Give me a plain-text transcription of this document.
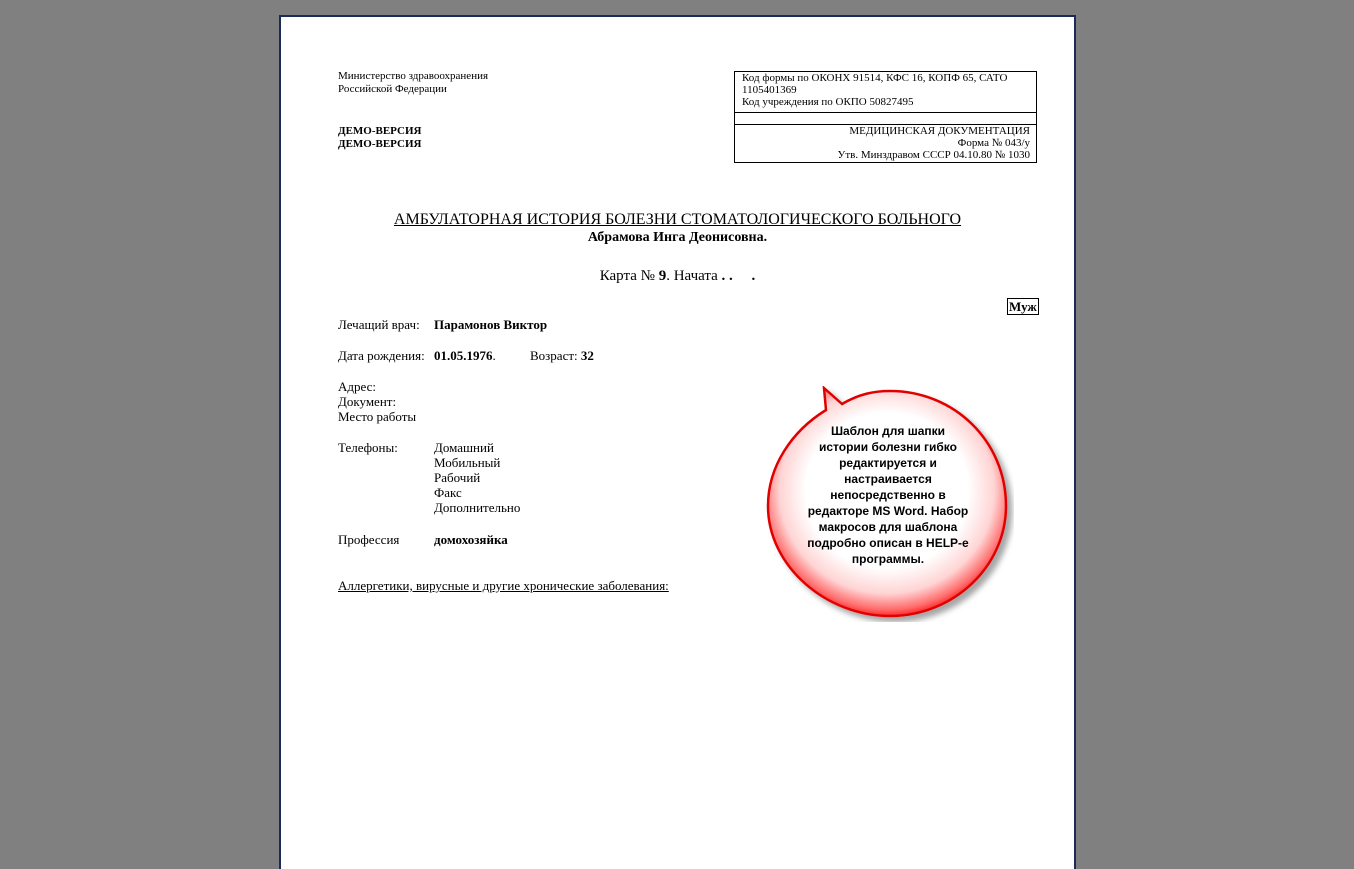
Министерство здравоохранения
Российской Федерации
ДЕМО-ВЕРСИЯ
ДЕМО-ВЕРСИЯ
Код формы по ОКОНХ 91514, КФС 16, КОПФ 65, САТО
1105401369
Код учреждения по ОКПО 50827495
МЕДИЦИНСКАЯ ДОКУМЕНТАЦИЯ
Форма № 043/у
Утв. Минздравом СССР 04.10.80 № 1030
АМБУЛАТОРНАЯ ИСТОРИЯ БОЛЕЗНИ СТОМАТОЛОГИЧЕСКОГО БОЛЬНОГО
Абрамова Инга Деонисовна.
Карта № 9. Начата . .     .
Муж
Лечащий врач: Парамонов Виктор
Дата рождения: 01.05.1976.	Возраст: 32
Адрес:
Документ:
Место работы
Телефоны:	Домашний
Мобильный
Рабочий
Факс
Дополнительно
Профессия	домохозяйка
Аллергетики, вирусные и другие хронические заболевания:
Шаблон для шапки истории болезни гибко редактируется и настраивается непосредственно в редакторе MS Word. Набор макросов для шаблона подробно описан в HELP-е программы.
